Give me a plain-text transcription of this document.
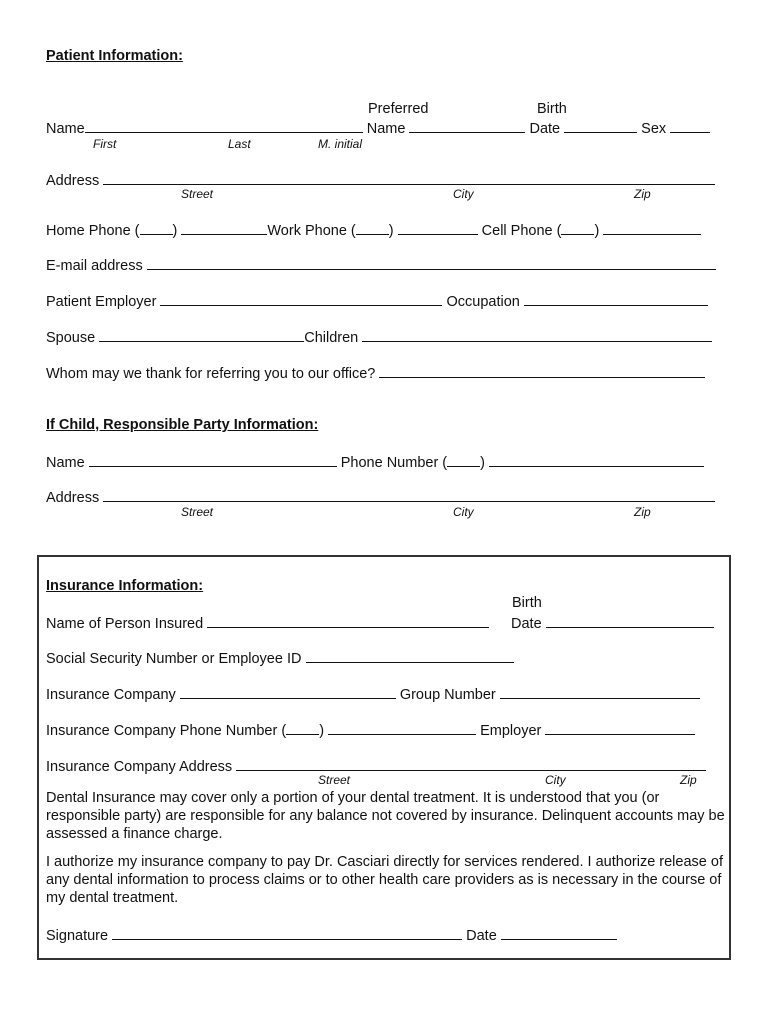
Patient Information:
Preferred	Birth
Name	Name	Date	Sex
First	Last	M. initial
Address
Street	City	Zip
Home Phone ( )	Work Phone ( )	Cell Phone ( )
E-mail address
Patient Employer	Occupation
Spouse	Children
Whom may we thank for referring you to our office?
If Child, Responsible Party Information:
Name	Phone Number ( )
Address
Street	City	Zip
Insurance Information:
Birth
Name of Person Insured	Date
Social Security Number or Employee ID
Insurance Company	Group Number
Insurance Company Phone Number ( )	Employer
Insurance Company Address
Street	City	Zip
Dental Insurance may cover only a portion of your dental treatment. It is understood that you (or responsible party) are responsible for any balance not covered by insurance. Delinquent accounts may be assessed a finance charge.
I authorize my insurance company to pay Dr. Casciari directly for services rendered. I authorize release of any dental information to process claims or to other health care providers as is necessary in the course of my dental treatment.
Signature	Date
